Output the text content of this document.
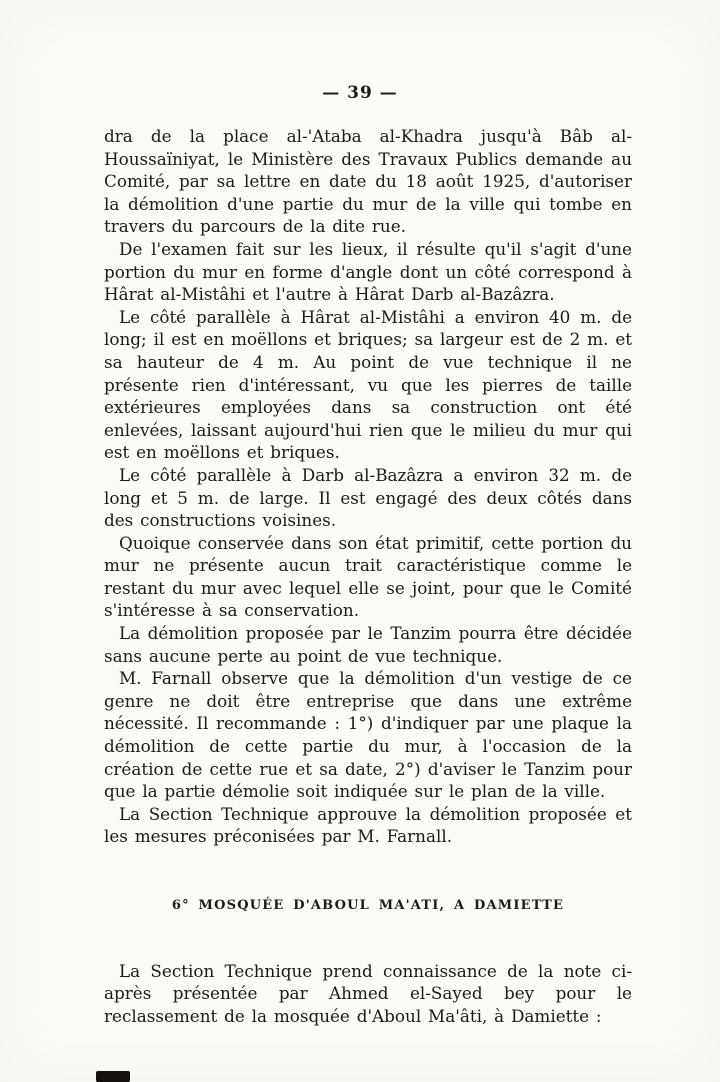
— 39 —

dra de la place al-'Ataba al-Khadra jusqu'à Bâb al-Houssaïniyat, le Ministère des Travaux Publics demande au Comité, par sa lettre en date du 18 août 1925, d'autoriser la démolition d'une partie du mur de la ville qui tombe en travers du parcours de la dite rue.

De l'examen fait sur les lieux, il résulte qu'il s'agit d'une portion du mur en forme d'angle dont un côté correspond à Hârat al-Mistâhi et l'autre à Hârat Darb al-Bazâzra.

Le côté parallèle à Hârat al-Mistâhi a environ 40 m. de long; il est en moëllons et briques; sa largeur est de 2 m. et sa hauteur de 4 m. Au point de vue technique il ne présente rien d'intéressant, vu que les pierres de taille extérieures employées dans sa construction ont été enlevées, laissant aujourd'hui rien que le milieu du mur qui est en moëllons et briques.

Le côté parallèle à Darb al-Bazâzra a environ 32 m. de long et 5 m. de large. Il est engagé des deux côtés dans des constructions voisines.

Quoique conservée dans son état primitif, cette portion du mur ne présente aucun trait caractéristique comme le restant du mur avec lequel elle se joint, pour que le Comité s'intéresse à sa conservation.

La démolition proposée par le Tanzim pourra être décidée sans aucune perte au point de vue technique.

M. Farnall observe que la démolition d'un vestige de ce genre ne doit être entreprise que dans une extrême nécessité. Il recommande : 1°) d'indiquer par une plaque la démolition de cette partie du mur, à l'occasion de la création de cette rue et sa date, 2°) d'aviser le Tanzim pour que la partie démolie soit indiquée sur le plan de la ville.

La Section Technique approuve la démolition proposée et les mesures préconisées par M. Farnall.

6° MOSQUÉE D'ABOUL MA'ATI, A DAMIETTE

La Section Technique prend connaissance de la note ci-après présentée par Ahmed el-Sayed bey pour le reclassement de la mosquée d'Aboul Ma'âti, à Damiette :
